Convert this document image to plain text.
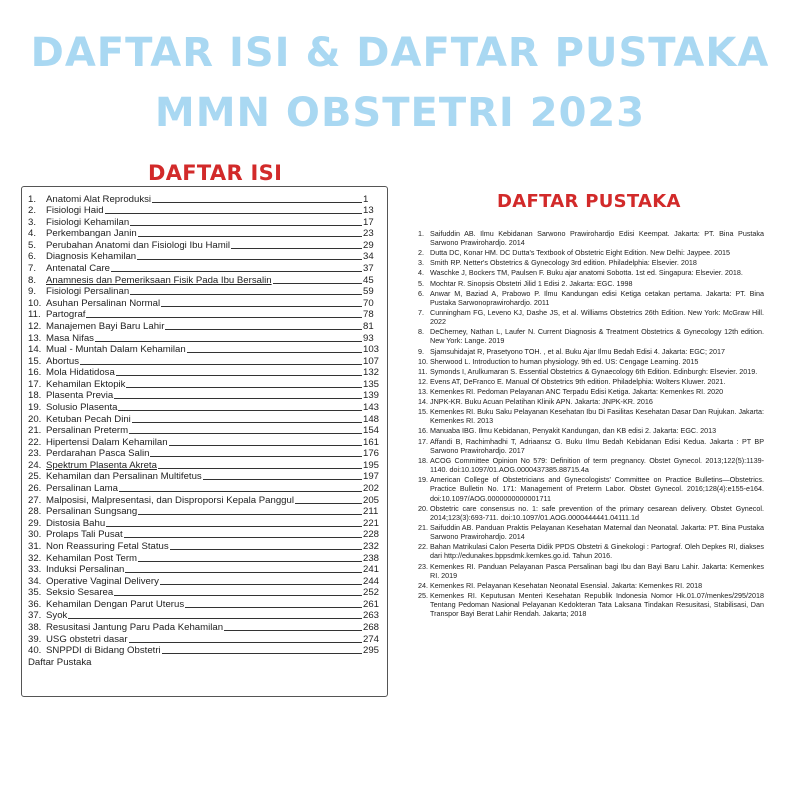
DAFTAR ISI & DAFTAR PUSTAKA
MMN OBSTETRI 2023
DAFTAR ISI
1.	Anatomi Alat Reproduksi	1
2.	Fisiologi Haid	13
3.	Fisiologi Kehamilan	17
4.	Perkembangan Janin	23
5.	Perubahan Anatomi dan Fisiologi Ibu Hamil	29
6.	Diagnosis Kehamilan	34
7.	Antenatal Care	37
8.	Anamnesis dan Pemeriksaan Fisik Pada Ibu Bersalin	45
9.	Fisiologi Persalinan	59
10. Asuhan Persalinan Normal	70
11. Partograf	78
12. Manajemen Bayi Baru Lahir	81
13. Masa Nifas	93
14. Mual - Muntah Dalam Kehamilan	103
15. Abortus	107
16. Mola Hidatidosa	132
17. Kehamilan Ektopik	135
18. Plasenta Previa	139
19. Solusio Plasenta	143
20. Ketuban Pecah Dini	148
21. Persalinan Preterm	154
22. Hipertensi Dalam Kehamilan	161
23. Perdarahan Pasca Salin	176
24. Spektrum Plasenta Akreta	195
25. Kehamilan dan Persalinan Multifetus	197
26. Persalinan Lama	202
27. Malposisi, Malpresentasi, dan Disproporsi Kepala Panggul	205
28. Persalinan Sungsang	211
29. Distosia Bahu	221
30. Prolaps Tali Pusat	228
31. Non Reassuring Fetal Status	232
32. Kehamilan Post Term	238
33. Induksi Persalinan	241
34. Operative Vaginal Delivery	244
35. Seksio Sesarea	252
36. Kehamilan Dengan Parut Uterus	261
37. Syok	263
38. Resusitasi Jantung Paru Pada Kehamilan	268
39. USG obstetri dasar	274
40. SNPPDI di Bidang Obstetri	295
Daftar Pustaka
DAFTAR PUSTAKA
1. Saifuddin AB. Ilmu Kebidanan Sarwono Prawirohardjo Edisi Keempat. Jakarta: PT. Bina Pustaka Sarwono Prawirohardjo. 2014
2. Dutta DC, Konar HM. DC Dutta's Textbook of Obstetric Eight Edition. New Delhi: Jaypee. 2015
3. Smith RP. Netter's Obstetrics & Gynecology 3rd edition. Philadelphia: Elsevier. 2018
4. Waschke J, Bockers TM, Paulsen F. Buku ajar anatomi Sobotta. 1st ed. Singapura: Elsevier. 2018.
5. Mochtar R. Sinopsis Obstetri Jilid 1 Edisi 2. Jakarta: EGC. 1998
6. Anwar M, Baziad A, Prabowo P. Ilmu Kandungan edisi Ketiga cetakan pertama. Jakarta: PT. Bina Pustaka Sarwonoprawirohardjo. 2011
7. Cunningham FG, Leveno KJ, Dashe JS, et al. Williams Obstetrics 26th Edition. New York: McGraw Hill. 2022
8. DeCherney, Nathan L, Laufer N. Current Diagnosis & Treatment Obstetrics & Gynecology 12th edition. New York: Lange. 2019
9. Sjamsuhidajat R, Prasetyono TOH. , et al. Buku Ajar Ilmu Bedah Edisi 4. Jakarta: EGC; 2017
10. Sherwood L. Introduction to human physiology. 9th ed. US: Cengage Learning. 2015
11. Symonds I, Arulkumaran S. Essential Obstetrics & Gynaecology 6th Edition. Edinburgh: Elsevier. 2019.
12. Evens AT, DeFranco E. Manual Of Obstetrics 9th edition. Philadelphia: Wolters Kluwer. 2021.
13. Kemenkes RI. Pedoman Pelayanan ANC Terpadu Edisi Ketiga. Jakarta: Kemenkes RI. 2020
14. JNPK-KR. Buku Acuan Pelatihan Klinik APN. Jakarta: JNPK-KR. 2016
15. Kemenkes RI. Buku Saku Pelayanan Kesehatan Ibu Di Fasilitas Kesehatan Dasar Dan Rujukan. Jakarta: Kemenkes RI. 2013
16. Manuaba IBG. Ilmu Kebidanan, Penyakit Kandungan, dan KB edisi 2. Jakarta: EGC. 2013
17. Affandi B, Rachimhadhi T, Adriaansz G. Buku Ilmu Bedah Kebidanan Edisi Kedua. Jakarta : PT BP Sarwono Prawirohardjo. 2017
18. ACOG Committee Opinion No 579: Definition of term pregnancy. Obstet Gynecol. 2013;122(5):1139-1140. doi:10.1097/01.AOG.0000437385.88715.4a
19. American College of Obstetricians and Gynecologists' Committee on Practice Bulletins—Obstetrics. Practice Bulletin No. 171: Management of Preterm Labor. Obstet Gynecol. 2016;128(4):e155-e164. doi:10.1097/AOG.0000000000001711
20. Obstetric care consensus no. 1: safe prevention of the primary cesarean delivery. Obstet Gynecol. 2014;123(3):693-711. doi:10.1097/01.AOG.0000444441.04111.1d
21. Saifuddin AB. Panduan Praktis Pelayanan Kesehatan Maternal dan Neonatal. Jakarta: PT. Bina Pustaka Sarwono Prawirohardjo. 2014
22. Bahan Matrikulasi Calon Peserta Didik PPDS Obstetri & Ginekologi : Partograf. Oleh Depkes RI, diakses dari http://edunakes.bppsdmk.kemkes.go.id. Tahun 2016.
23. Kemenkes RI. Panduan Pelayanan Pasca Persalinan bagi Ibu dan Bayi Baru Lahir. Jakarta: Kemenkes RI. 2019
24. Kemenkes RI. Pelayanan Kesehatan Neonatal Esensial. Jakarta: Kemenkes RI. 2018
25. Kemenkes RI. Keputusan Menteri Kesehatan Republik Indonesia Nomor Hk.01.07/menkes/295/2018 Tentang Pedoman Nasional Pelayanan Kedokteran Tata Laksana Tindakan Resusitasi, Stabilisasi, Dan Transpor Bayi Berat Lahir Rendah. Jakarta; 2018
